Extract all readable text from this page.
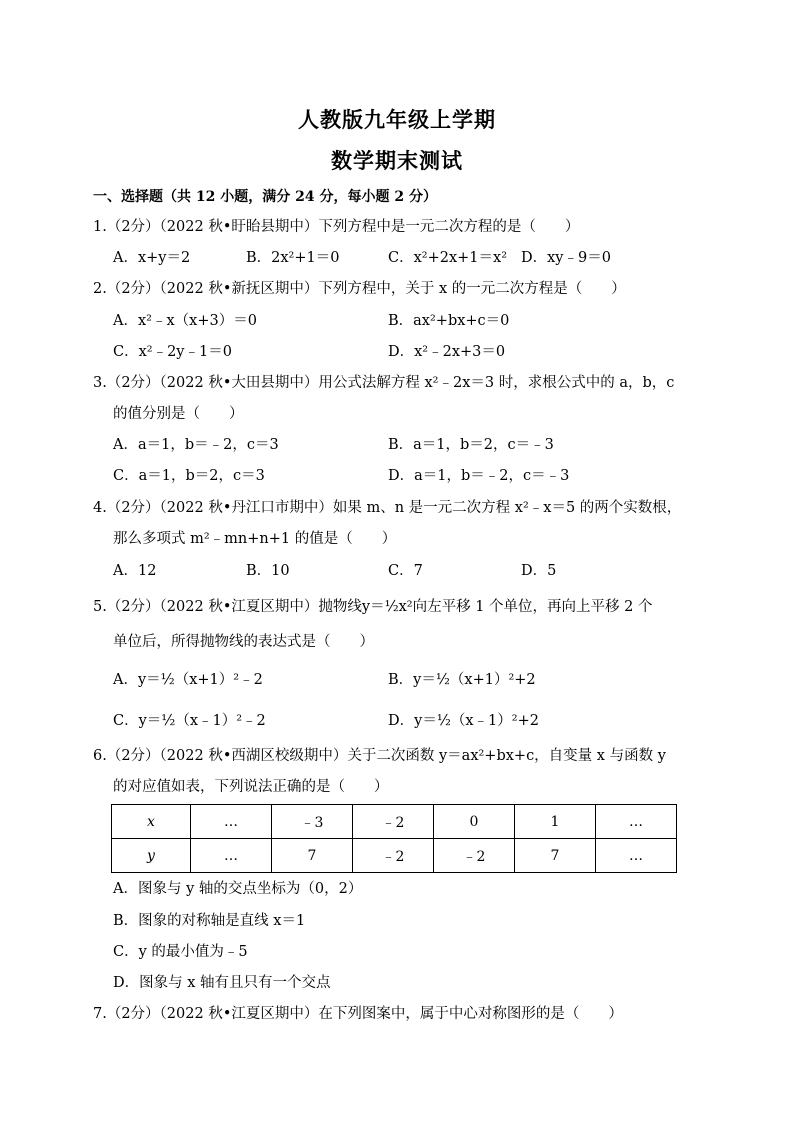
人教版九年级上学期
数学期末测试
一、选择题（共 12 小题，满分 24 分，每小题 2 分）
1.（2分）（2022 秋•盱眙县期中）下列方程中是一元二次方程的是（　　）
A．x+y＝2	B．2x²+1＝0	C．x²+2x+1＝x² D．xy﹣9＝0
2.（2分）（2022 秋•新抚区期中）下列方程中，关于 x 的一元二次方程是（　　）
A．x²﹣x（x+3）＝0	B．ax²+bx+c＝0
C．x²﹣2y﹣1＝0	D．x²﹣2x+3＝0
3.（2分）（2022 秋•大田县期中）用公式法解方程 x²﹣2x＝3 时，求根公式中的 a，b，c
的值分别是（　　）
A．a＝1，b＝﹣2，c＝3	B．a＝1，b＝2，c＝﹣3
C．a＝1，b＝2，c＝3	D．a＝1，b＝﹣2，c＝﹣3
4.（2分）（2022 秋•丹江口市期中）如果 m、n 是一元二次方程 x²﹣x＝5 的两个实数根，
那么多项式 m²﹣mn+n+1 的值是（　　）
A．12	B．10	C．7	D．5
5.（2分）（2022 秋•江夏区期中）抛物线y＝½x²向左平移 1 个单位，再向上平移 2 个
单位后，所得抛物线的表达式是（　　）
A．y＝½（x+1）²﹣2	B．y＝½（x+1）²+2
C．y＝½（x﹣1）²﹣2	D．y＝½（x﹣1）²+2
6.（2分）（2022 秋•西湖区校级期中）关于二次函数 y＝ax²+bx+c，自变量 x 与函数 y
的对应值如表，下列说法正确的是（　　）
x	…	﹣3	﹣2	0	1	…
y	…	7	﹣2	﹣2	7	…
A．图象与 y 轴的交点坐标为（0，2）
B．图象的对称轴是直线 x＝1
C．y 的最小值为﹣5
D．图象与 x 轴有且只有一个交点
7.（2分）（2022 秋•江夏区期中）在下列图案中，属于中心对称图形的是（　　）
